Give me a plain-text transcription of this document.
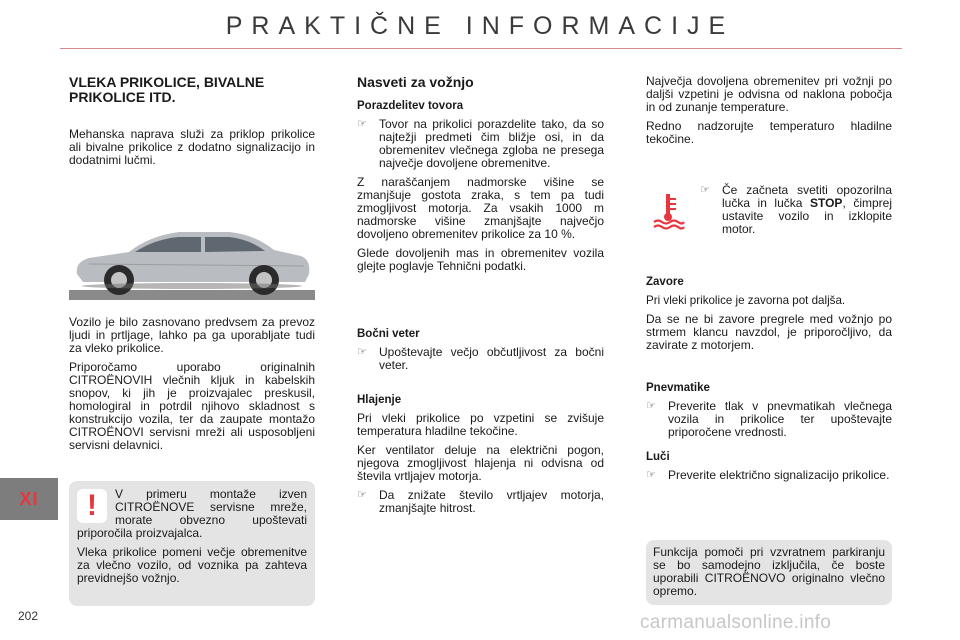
PRAKTIČNE INFORMACIJE
XI
202
VLEKA PRIKOLICE, BIVALNE PRIKOLICE ITD.

Mehanska naprava služi za priklop prikolice ali bivalne prikolice z dodatno signalizacijo in dodatnimi lučmi.

Vozilo je bilo zasnovano predvsem za prevoz ljudi in prtljage, lahko pa ga uporabljate tudi za vleko prikolice.

Priporočamo uporabo originalnih CITROËNOVIH vlečnih kljuk in kabelskih snopov, ki jih je proizvajalec preskusil, homologiral in potrdil njihovo skladnost s konstrukcijo vozila, ter da zaupate montažo CITROËNOVI servisni mreži ali usposobljeni servisni delavnici.

!	V primeru montaže izven CITROËNOVE servisne mreže, morate obvezno upoštevati priporočila proizvajalca.

Vleka prikolice pomeni večje obremenitve za vlečno vozilo, od voznika pa zahteva previdnejšo vožnjo.

Nasveti za vožnjo
Porazdelitev tovora
☞	Tovor na prikolici porazdelite tako, da so najtežji predmeti čim bližje osi, in da obremenitev vlečnega zgloba ne presega največje dovoljene obremenitve.

Z naraščanjem nadmorske višine se zmanjšuje gostota zraka, s tem pa tudi zmogljivost motorja. Za vsakih 1000 m nadmorske višine zmanjšajte največjo dovoljeno obremenitev prikolice za 10 %.

Glede dovoljenih mas in obremenitev vozila glejte poglavje Tehnični podatki.

Bočni veter
☞	Upoštevajte večjo občutljivost za bočni veter.
Hlajenje

Pri vleki prikolice po vzpetini se zvišuje temperatura hladilne tekočine.

Ker ventilator deluje na električni pogon, njegova zmogljivost hlajenja ni odvisna od števila vrtljajev motorja.

☞	Da znižate število vrtljajev motorja, zmanjšajte hitrost.

Največja dovoljena obremenitev pri vožnji po daljši vzpetini je odvisna od naklona pobočja in od zunanje temperature.

Redno nadzorujte temperaturo hladilne tekočine.

☞	Če začneta svetiti opozorilna lučka in lučka STOP, čimprej ustavite vozilo in izklopite motor.
Zavore

Pri vleki prikolice je zavorna pot daljša.

Da se ne bi zavore pregrele med vožnjo po strmem klancu navzdol, je priporočljivo, da zavirate z motorjem.

Pnevmatike
☞	Preverite tlak v pnevmatikah vlečnega vozila in prikolice ter upoštevajte priporočene vrednosti.
Luči
☞	Preverite električno signalizacijo prikolice.
Funkcija pomoči pri vzvratnem parkiranju se bo samodejno izključila, če boste uporabili CITROËNOVO originalno vlečno opremo.
carmanualsonline.info
